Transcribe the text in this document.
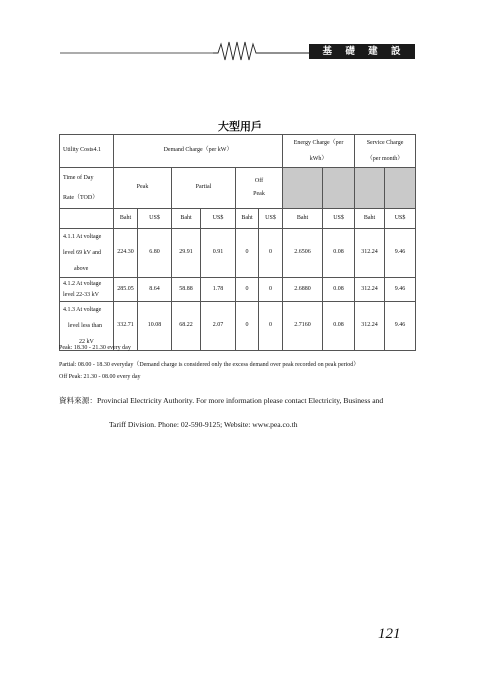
基 礎 建 設 及 成 本
大型用戶
Utility Costs4.1	Demand Charge（per kW）						Energy Charge（per
kWh）		Service Charge
（per month）	

Time of Day
Rate（TOD）	Peak		Partial		Off
Peak					

	Baht	US$	Baht	US$	Baht	US$	Baht	US$	Baht	US$

4.1.1 At voltage
level 69 kV and
above	224.30	6.80	29.91	0.91	0	0	2.6506	0.08	312.24	9.46

4.1.2 At voltage
level 22-33 kV	285.05	8.64	58.88	1.78	0	0	2.6880	0.08	312.24	9.46

4.1.3 At voltage
level less than
22 kV	332.71	10.08	68.22	2.07	0	0	2.7160	0.08	312.24	9.46
Peak: 18.30 - 21.30 every day
Partial: 08.00 - 18.30 everyday（Demand charge is considered only the excess demand over peak recorded on peak period）
Off Peak: 21.30 - 08.00 every day
資料來源：Provincial Electricity Authority. For more information please contact Electricity, Business and
Tariff Division. Phone: 02-590-9125; Website: www.pea.co.th
121
